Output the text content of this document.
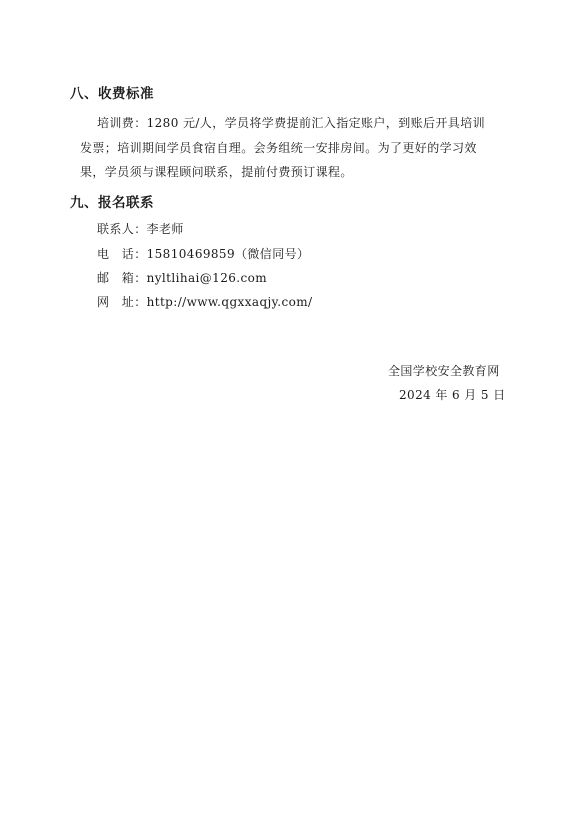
八、收费标准
培训费：1280 元/人，学员将学费提前汇入指定账户，到账后开具培训
发票；培训期间学员食宿自理。会务组统一安排房间。为了更好的学习效
果，学员须与课程顾问联系，提前付费预订课程。
九、报名联系
联系人：李老师
电　话：15810469859（微信同号）
邮　箱：nyltlihai@126.com
网　址：http://www.qgxxaqjy.com/
全国学校安全教育网
2024 年 6 月 5 日
